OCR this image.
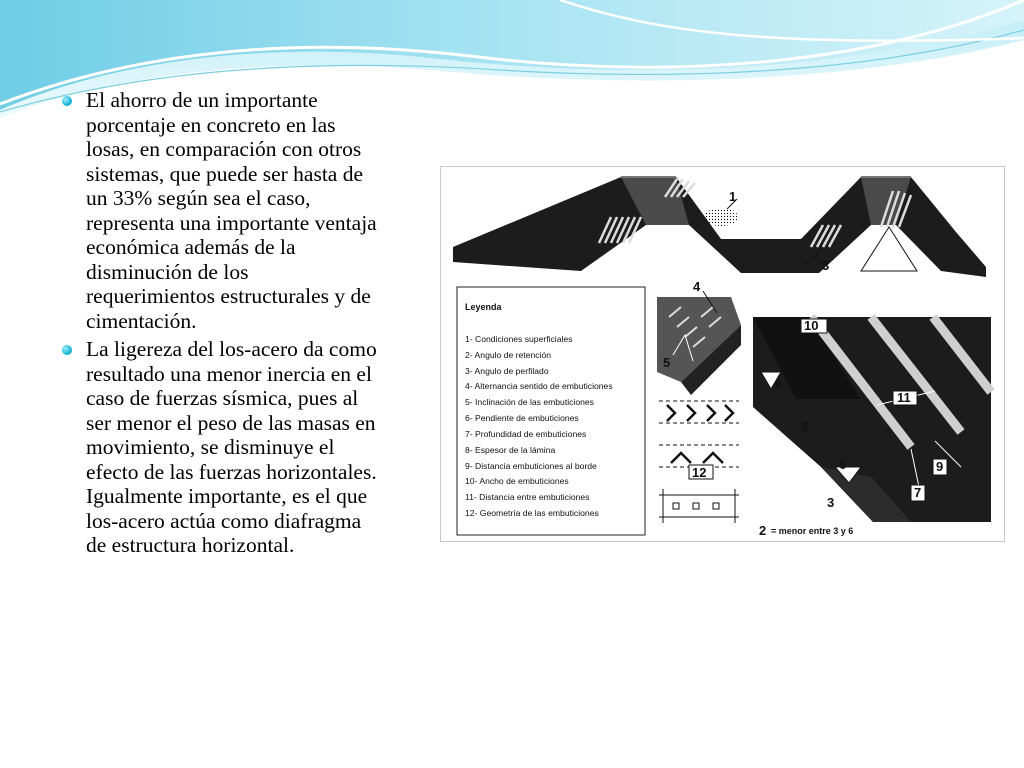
El ahorro de un importante porcentaje en concreto en las losas, en comparación con otros sistemas, que puede ser hasta de un 33% según sea el caso, representa una importante ventaja económica además de la disminución de los requerimientos estructurales y de cimentación.
La ligereza del los-acero da como resultado una menor inercia en el caso de fuerzas sísmica, pues al ser menor el peso de las masas en movimiento, se disminuye el efecto de las fuerzas horizontales. Igualmente importante, es el que los-acero actúa como diafragma de estructura horizontal.
1
3
Leyenda
1- Condiciones superficiales
2- Angulo de retención
3- Angulo de perfilado
4- Alternancia sentido de embuticiones
5- Inclinación de las embuticiones
6- Pendiente de embuticiones
7- Profundidad de embuticiones
8- Espesor de la lámina
9- Distancia embuticiones al borde
10- Ancho de embuticiones
11- Distancia entre embuticiones
12- Geometría de las embuticiones
4
5
12
10
11
6
8
6	9
7
3
2 = menor entre 3 y 6
